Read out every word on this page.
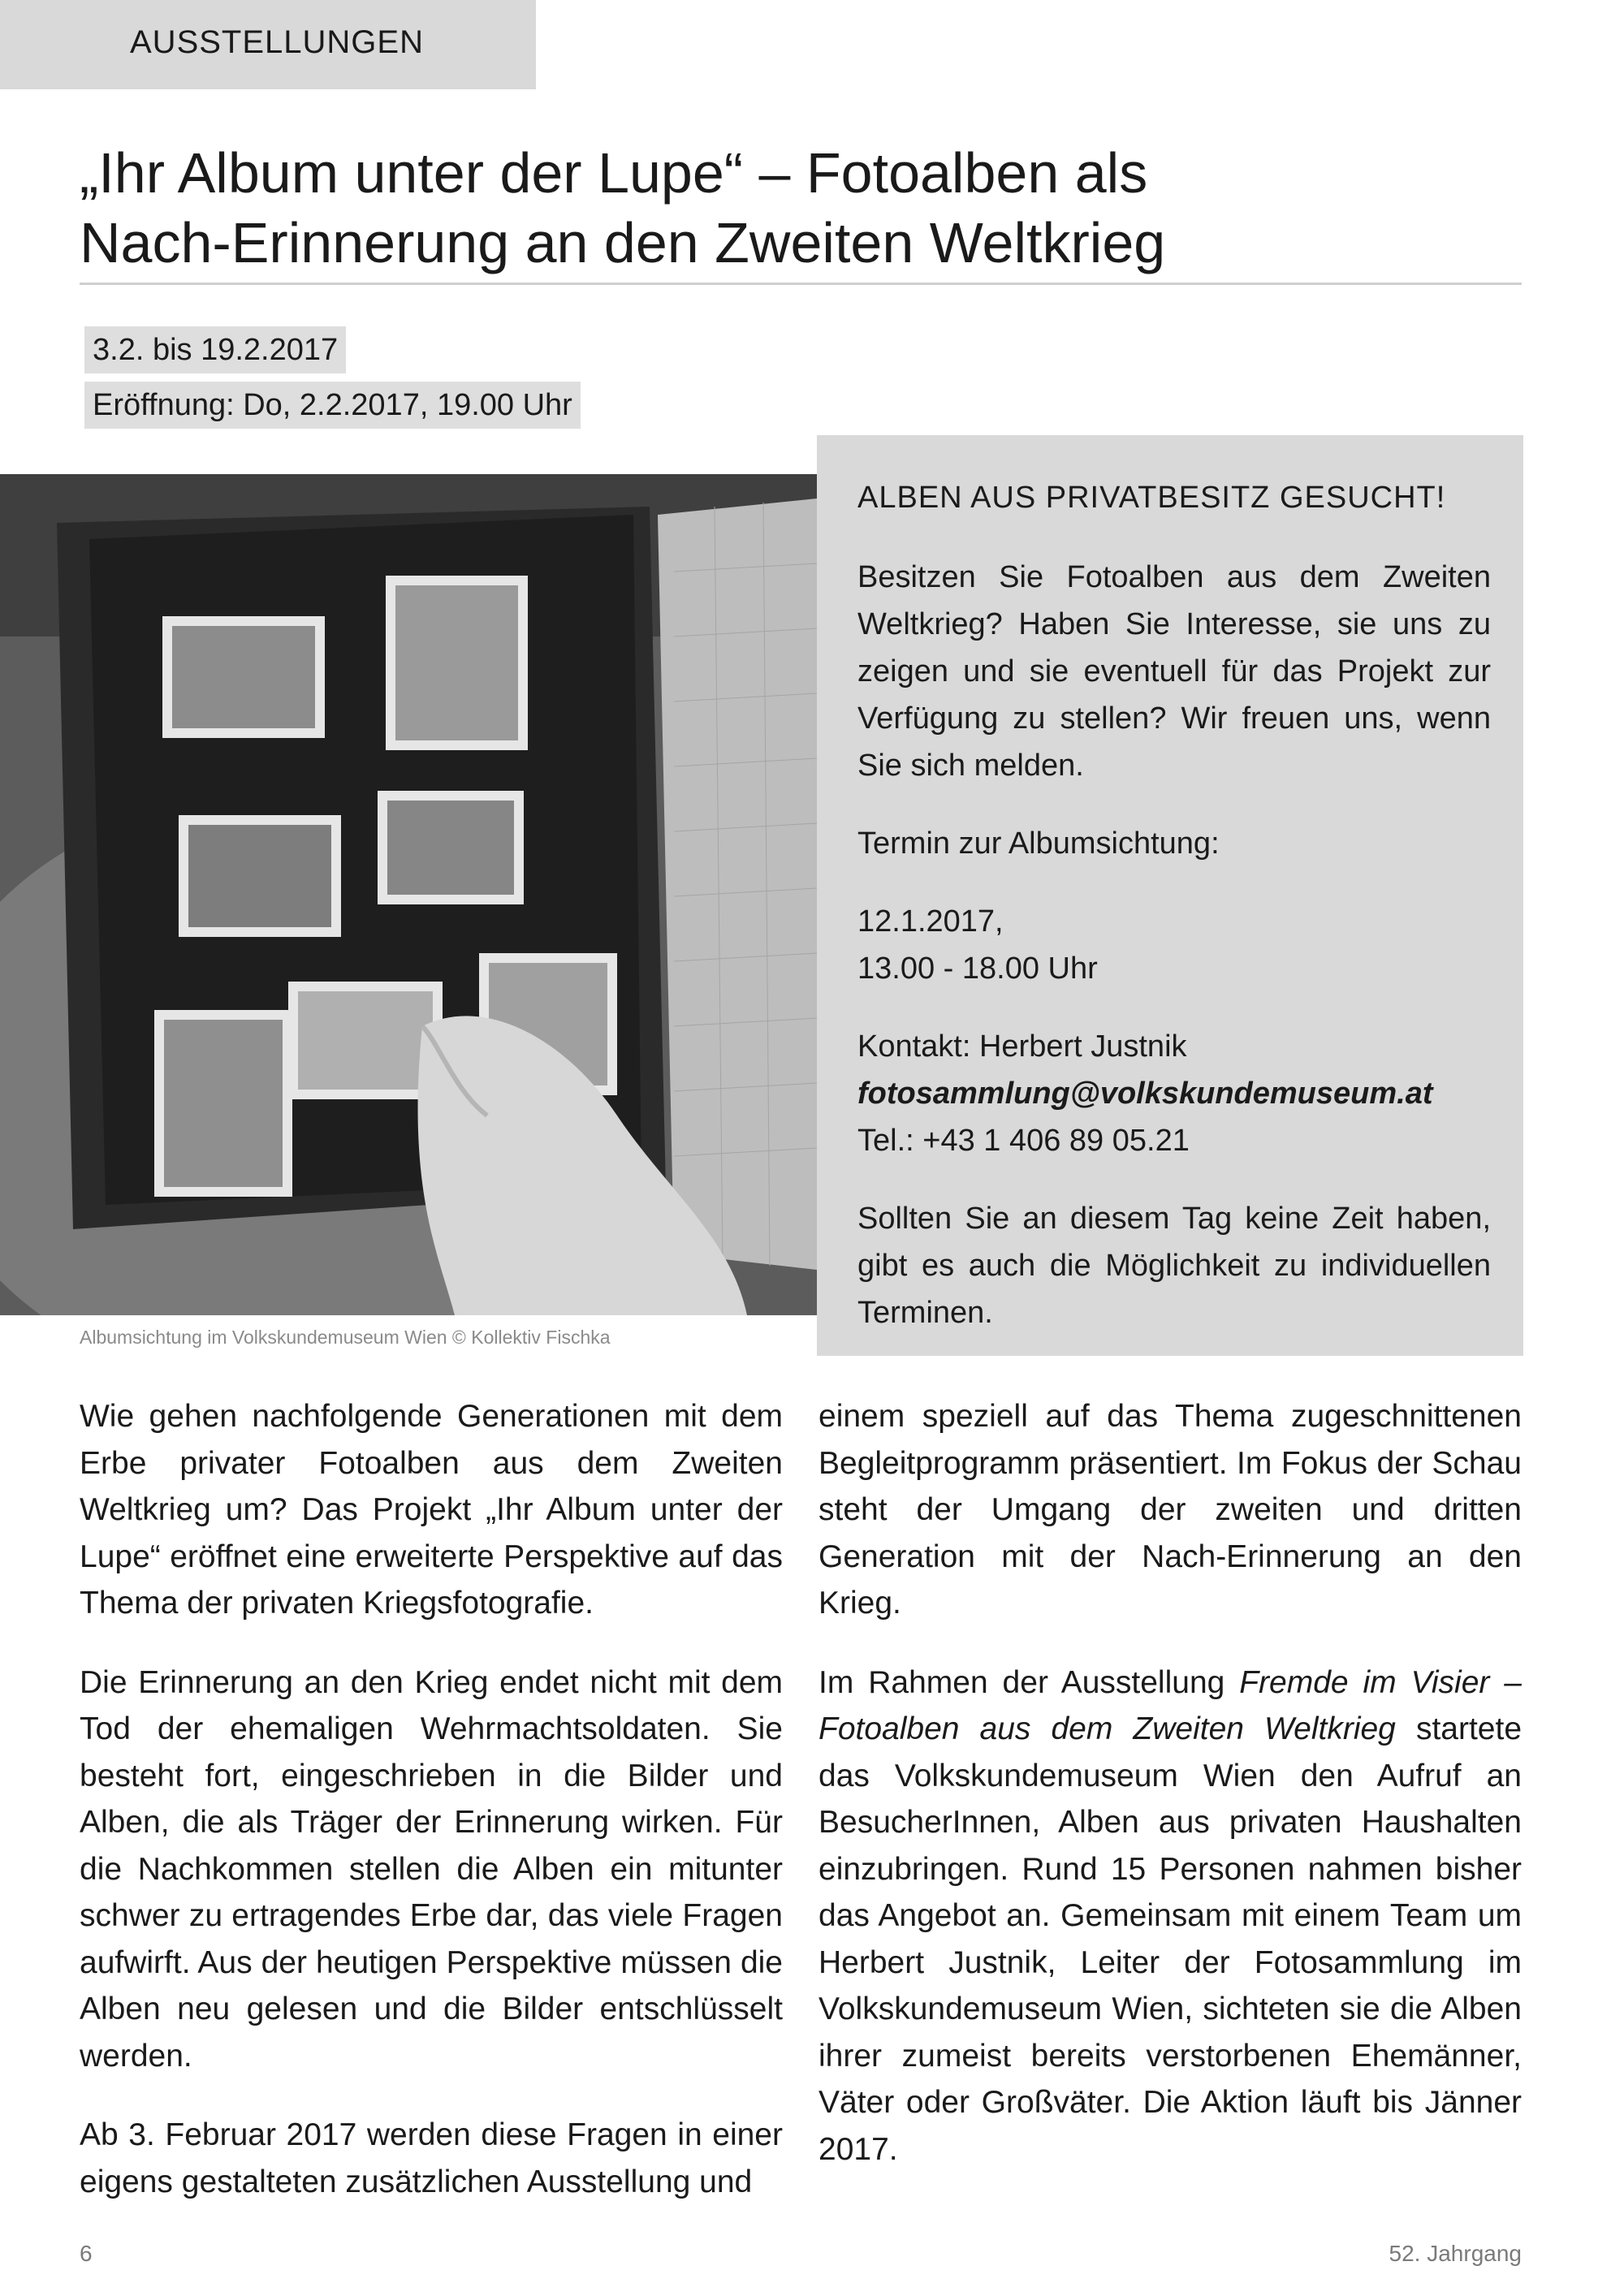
AUSSTELLUNGEN
„Ihr Album unter der Lupe“ – Fotoalben als
Nach-Erinnerung an den Zweiten Weltkrieg
3.2. bis 19.2.2017
Eröffnung: Do, 2.2.2017, 19.00 Uhr
Albumsichtung im Volkskundemuseum Wien © Kollektiv Fischka

ALBEN AUS PRIVATBESITZ GESUCHT!

Besitzen Sie Fotoalben aus dem Zweiten Weltkrieg? Haben Sie Interesse, sie uns zu zeigen und sie eventuell für das Projekt zur Verfügung zu stellen? Wir freuen uns, wenn Sie sich melden.

Termin zur Albumsichtung:

12.1.2017,
13.00 - 18.00 Uhr

Kontakt: Herbert Justnik
fotosammlung@volkskundemuseum.at
Tel.: +43 1 406 89 05.21

Sollten Sie an diesem Tag keine Zeit haben, gibt es auch die Möglichkeit zu individuellen Terminen.

Wie gehen nachfolgende Generationen mit dem Erbe privater Fotoalben aus dem Zweiten Weltkrieg um? Das Projekt „Ihr Album unter der Lupe“ eröffnet eine erweiterte Perspektive auf das Thema der privaten Kriegsfotografie.

Die Erinnerung an den Krieg endet nicht mit dem Tod der ehemaligen Wehrmachtsoldaten. Sie besteht fort, eingeschrieben in die Bilder und Alben, die als Träger der Erinnerung wirken. Für die Nachkommen stellen die Alben ein mitunter schwer zu ertragendes Erbe dar, das viele Fragen aufwirft. Aus der heutigen Perspektive müssen die Alben neu gelesen und die Bilder entschlüsselt werden.

Ab 3. Februar 2017 werden diese Fragen in einer eigens gestalteten zusätzlichen Ausstellung und

einem speziell auf das Thema zugeschnittenen Begleitprogramm präsentiert. Im Fokus der Schau steht der Umgang der zweiten und dritten Generation mit der Nach-Erinnerung an den Krieg.

Im Rahmen der Ausstellung Fremde im Visier – Fotoalben aus dem Zweiten Weltkrieg startete das Volkskundemuseum Wien den Aufruf an BesucherInnen, Alben aus privaten Haushalten einzubringen. Rund 15 Personen nahmen bisher das Angebot an. Gemeinsam mit einem Team um Herbert Justnik, Leiter der Fotosammlung im Volkskundemuseum Wien, sichteten sie die Alben ihrer zumeist bereits verstorbenen Ehemänner, Väter oder Großväter. Die Aktion läuft bis Jänner 2017.

6	52. Jahrgang
